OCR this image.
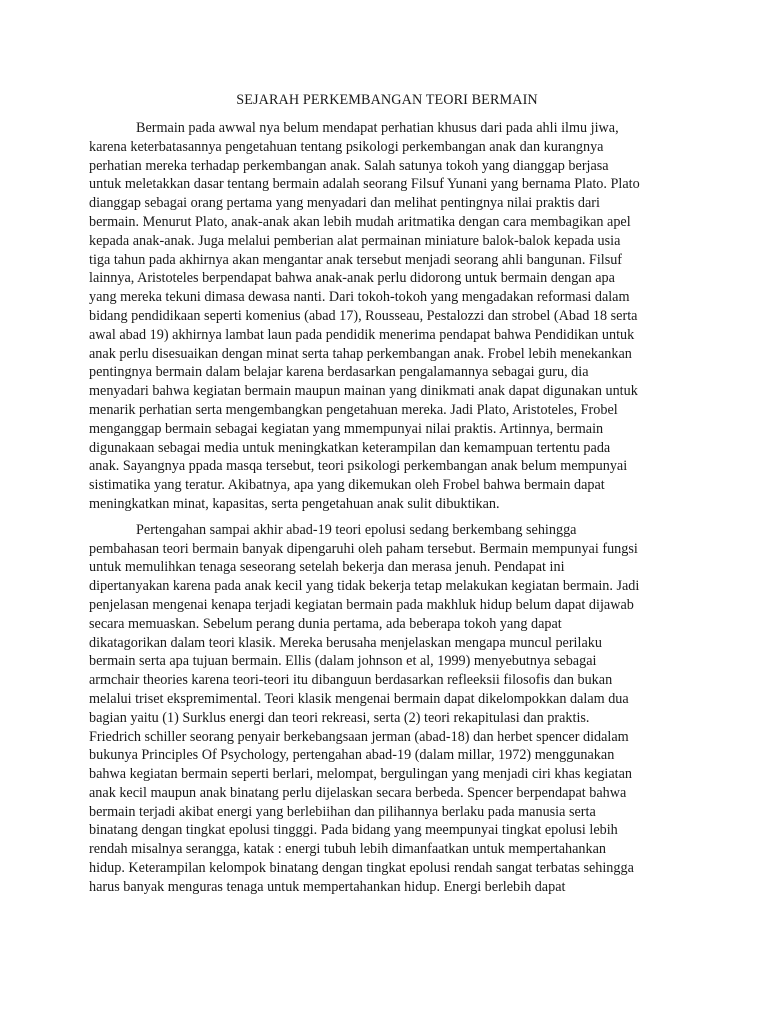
SEJARAH PERKEMBANGAN TEORI BERMAIN
Bermain pada awwal nya belum mendapat perhatian khusus dari pada ahli ilmu jiwa,
karena keterbatasannya pengetahuan tentang psikologi perkembangan anak dan kurangnya
perhatian mereka terhadap perkembangan anak. Salah satunya tokoh yang dianggap berjasa
untuk meletakkan dasar tentang bermain adalah seorang Filsuf Yunani yang bernama Plato. Plato
dianggap sebagai orang pertama yang menyadari dan melihat pentingnya nilai praktis dari
bermain. Menurut Plato, anak-anak akan lebih mudah aritmatika dengan cara membagikan apel
kepada anak-anak. Juga melalui pemberian alat permainan miniature balok-balok kepada usia
tiga tahun pada akhirnya akan mengantar anak tersebut menjadi seorang ahli bangunan. Filsuf
lainnya, Aristoteles berpendapat bahwa anak-anak perlu didorong untuk bermain dengan apa
yang mereka tekuni dimasa dewasa nanti. Dari tokoh-tokoh yang mengadakan reformasi dalam
bidang pendidikaan seperti komenius (abad 17), Rousseau, Pestalozzi dan strobel (Abad 18 serta
awal abad 19) akhirnya lambat laun pada pendidik menerima pendapat bahwa Pendidikan untuk
anak perlu disesuaikan dengan minat serta tahap perkembangan anak. Frobel lebih menekankan
pentingnya bermain dalam belajar karena berdasarkan pengalamannya sebagai guru, dia
menyadari bahwa kegiatan bermain maupun mainan yang dinikmati anak dapat digunakan untuk
menarik perhatian serta mengembangkan pengetahuan mereka. Jadi Plato, Aristoteles, Frobel
menganggap bermain sebagai kegiatan yang mmempunyai nilai praktis. Artinnya, bermain
digunakaan sebagai media untuk meningkatkan keterampilan dan kemampuan tertentu pada
anak. Sayangnya ppada masqa tersebut, teori psikologi perkembangan anak belum mempunyai
sistimatika yang teratur. Akibatnya, apa yang dikemukan oleh Frobel bahwa bermain dapat
meningkatkan minat, kapasitas, serta pengetahuan anak sulit dibuktikan.
Pertengahan sampai akhir abad-19 teori epolusi sedang berkembang sehingga
pembahasan teori bermain banyak dipengaruhi oleh paham tersebut. Bermain mempunyai fungsi
untuk memulihkan tenaga seseorang setelah bekerja dan merasa jenuh. Pendapat ini
dipertanyakan karena pada anak kecil yang tidak bekerja tetap melakukan kegiatan bermain. Jadi
penjelasan mengenai kenapa terjadi kegiatan bermain pada makhluk hidup belum dapat dijawab
secara memuaskan. Sebelum perang dunia pertama, ada beberapa tokoh yang dapat
dikatagorikan dalam teori klasik. Mereka berusaha menjelaskan mengapa muncul perilaku
bermain serta apa tujuan bermain. Ellis (dalam johnson et al, 1999) menyebutnya sebagai
armchair theories karena teori-teori itu dibanguun berdasarkan refleeksii filosofis dan bukan
melalui triset ekspremimental. Teori klasik mengenai bermain dapat dikelompokkan dalam dua
bagian yaitu (1) Surklus energi dan teori rekreasi, serta (2) teori rekapitulasi dan praktis.
Friedrich schiller seorang penyair berkebangsaan jerman (abad-18) dan herbet spencer didalam
bukunya Principles Of Psychology, pertengahan abad-19 (dalam millar, 1972) menggunakan
bahwa kegiatan bermain seperti berlari, melompat, bergulingan yang menjadi ciri khas kegiatan
anak kecil maupun anak binatang perlu dijelaskan secara berbeda. Spencer berpendapat bahwa
bermain terjadi akibat energi yang berlebiihan dan pilihannya berlaku pada manusia serta
binatang dengan tingkat epolusi tingggi. Pada bidang yang meempunyai tingkat epolusi lebih
rendah misalnya serangga, katak : energi tubuh lebih dimanfaatkan untuk mempertahankan
hidup. Keterampilan kelompok binatang dengan tingkat epolusi rendah sangat terbatas sehingga
harus banyak menguras tenaga untuk mempertahankan hidup. Energi berlebih dapat
